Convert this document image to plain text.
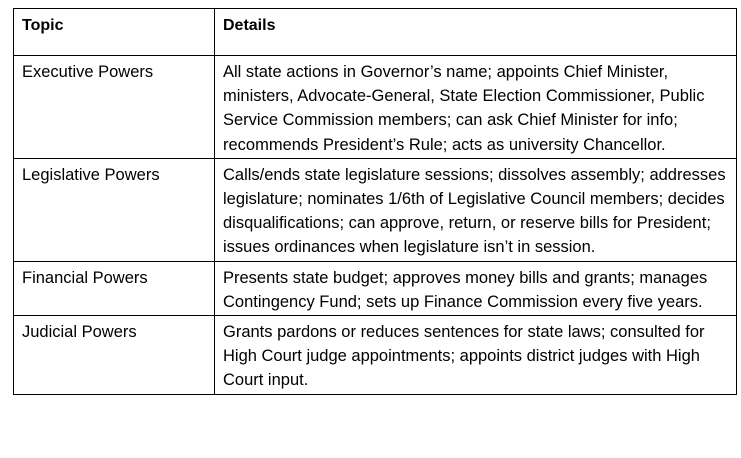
Topic	Details
Executive Powers	All state actions in Governor’s name; appoints Chief Minister, ministers, Advocate-General, State Election Commissioner, Public Service Commission members; can ask Chief Minister for info; recommends President’s Rule; acts as university Chancellor.
Legislative Powers	Calls/ends state legislature sessions; dissolves assembly; addresses legislature; nominates 1/6th of Legislative Council members; decides disqualifications; can approve, return, or reserve bills for President; issues ordinances when legislature isn’t in session.
Financial Powers	Presents state budget; approves money bills and grants; manages Contingency Fund; sets up Finance Commission every five years.
Judicial Powers	Grants pardons or reduces sentences for state laws; consulted for High Court judge appointments; appoints district judges with High Court input.
